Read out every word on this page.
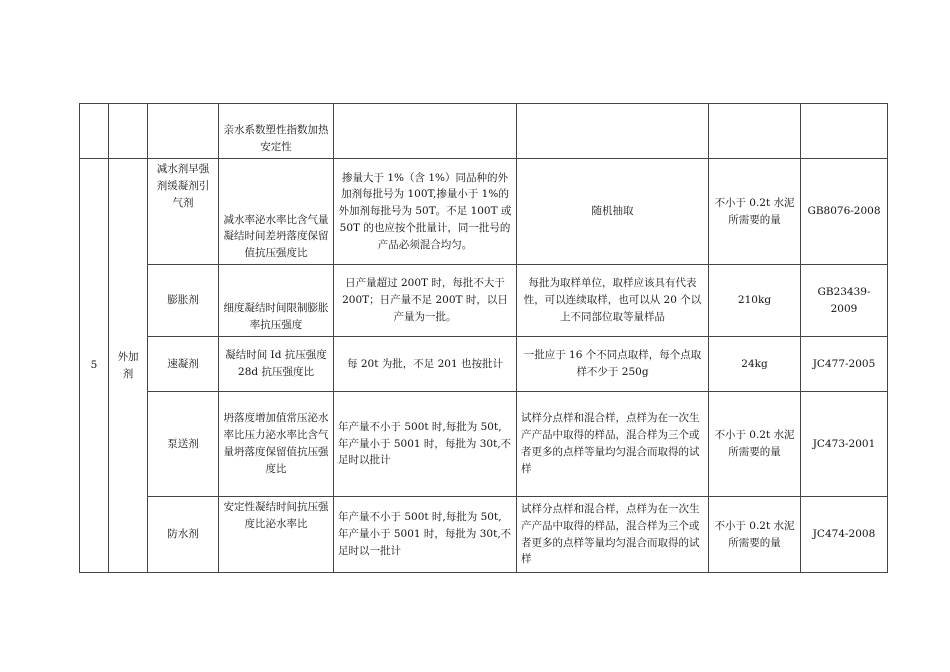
			亲水系数塑性指数加热安定性				
5	外加剂	减水剂早强剂缓凝剂引气剂	减水率泌水率比含气量凝结时间差坍落度保留值抗压强度比	掺量大于 1%（含 1%）同品种的外加剂每批号为 100T,掺量小于 1%的外加剂每批号为 50T。不足 100T 或 50T 的也应按个批量计，同一批号的产品必须混合均匀。	随机抽取	不小于 0.2t 水泥所需要的量	GB8076-2008
		膨胀剂	细度凝结时间限制膨胀率抗压强度	日产量超过 200T 时，每批不大于200T；日产量不足 200T 时，以日产量为一批。	每批为取样单位，取样应该具有代表性，可以连续取样，也可以从 20 个以上不同部位取等量样品	210kg	GB23439-2009
		速凝剂	凝结时间 Id 抗压强度 28d 抗压强度比	每 20t 为批，不足 201 也按批计	一批应于 16 个不同点取样，每个点取样不少于 250g	24kg	JC477-2005
		泵送剂	坍落度增加值常压泌水率比压力泌水率比含气量坍落度保留值抗压强度比	年产量不小于 500t 时,每批为 50t,年产量小于 5001 时，每批为 30t,不足时以批计	试样分点样和混合样，点样为在一次生产产品中取得的样品，混合样为三个或者更多的点样等量均匀混合而取得的试样	不小于 0.2t 水泥所需要的量	JC473-2001
		防水剂	安定性凝结时间抗压强度比泌水率比	年产量不小于 500t 时,每批为 50t,年产量小于 5001 时，每批为 30t,不足时以一批计	试样分点样和混合样，点样为在一次生产产品中取得的样品，混合样为三个或者更多的点样等量均匀混合而取得的试样	不小于 0.2t 水泥所需要的量	JC474-2008
